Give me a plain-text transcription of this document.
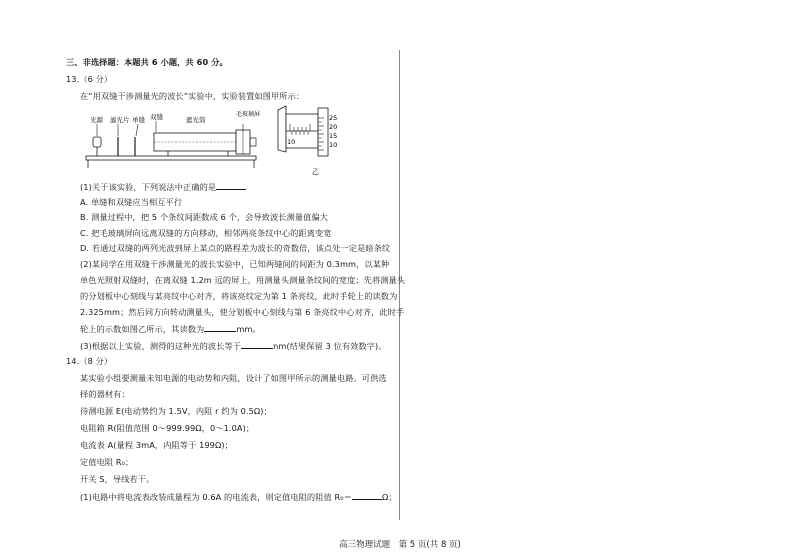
三、非选择题：本题共 6 小题，共 60 分。
13.（6 分）
在“用双缝干涉测量光的波长”实验中，实验装置如图甲所示：
光源 滤光片 单缝 双缝	遮光筒
毛玻璃屏
10
25
20
15
10
乙
(1)关于该实验，下列说法中正确的是
A. 单缝和双缝应当相互平行
B. 测量过程中，把 5 个条纹间距数成 6 个，会导致波长测量值偏大
C. 把毛玻璃屏向远离双缝的方向移动，相邻两亮条纹中心的距离变宽
D. 若通过双缝的两列光波到屏上某点的路程差为波长的奇数倍，该点处一定是暗条纹
(2)某同学在用双缝干涉测量光的波长实验中，已知两缝间的间距为 0.3mm，以某种
单色光照射双缝时，在离双缝 1.2m 远的屏上，用测量头测量条纹间的宽度；先将测量头
的分划板中心刻线与某亮纹中心对齐，将该亮纹定为第 1 条亮纹，此时手轮上的读数为
2.325mm；然后同方向转动测量头，使分划板中心刻线与第 6 条亮纹中心对齐，此时手
轮上的示数如图乙所示，其读数为	mm。
(3)根据以上实验，测得的这种光的波长等于	nm(结果保留 3 位有效数字)。
14.（8 分）
某实验小组要测量未知电源的电动势和内阻，设计了如图甲所示的测量电路。可供选
择的器材有：
待测电源 E(电动势约为 1.5V，内阻 r 约为 0.5Ω)；
电阻箱 R(阻值范围 0～999.99Ω，0～1.0A)；
电流表 A(量程 3mA，内阻等于 199Ω)；
定值电阻 R₀；
开关 S，导线若干。
(1)电路中将电流表改装成量程为 0.6A 的电流表，则定值电阻的阻值 R₀＝	Ω；
高三物理试题　第 5 页(共 8 页)
